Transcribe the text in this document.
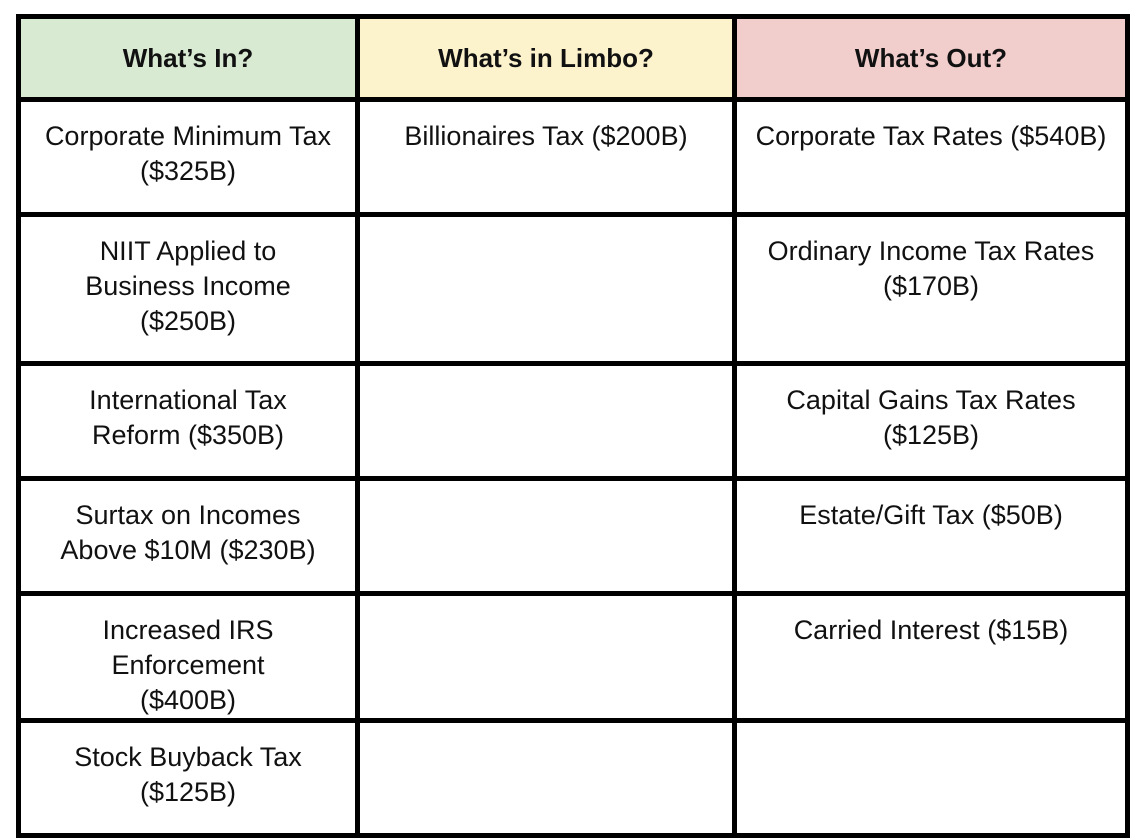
What’s In?	What’s in Limbo?	What’s Out?
Corporate Minimum Tax ($325B)	Billionaires Tax ($200B)	Corporate Tax Rates ($540B)
NIIT Applied to Business Income ($250B)		Ordinary Income Tax Rates ($170B)
International Tax Reform ($350B)		Capital Gains Tax Rates ($125B)
Surtax on Incomes Above $10M ($230B)		Estate/Gift Tax ($50B)
Increased IRS Enforcement ($400B)		Carried Interest ($15B)
Stock Buyback Tax ($125B)		
